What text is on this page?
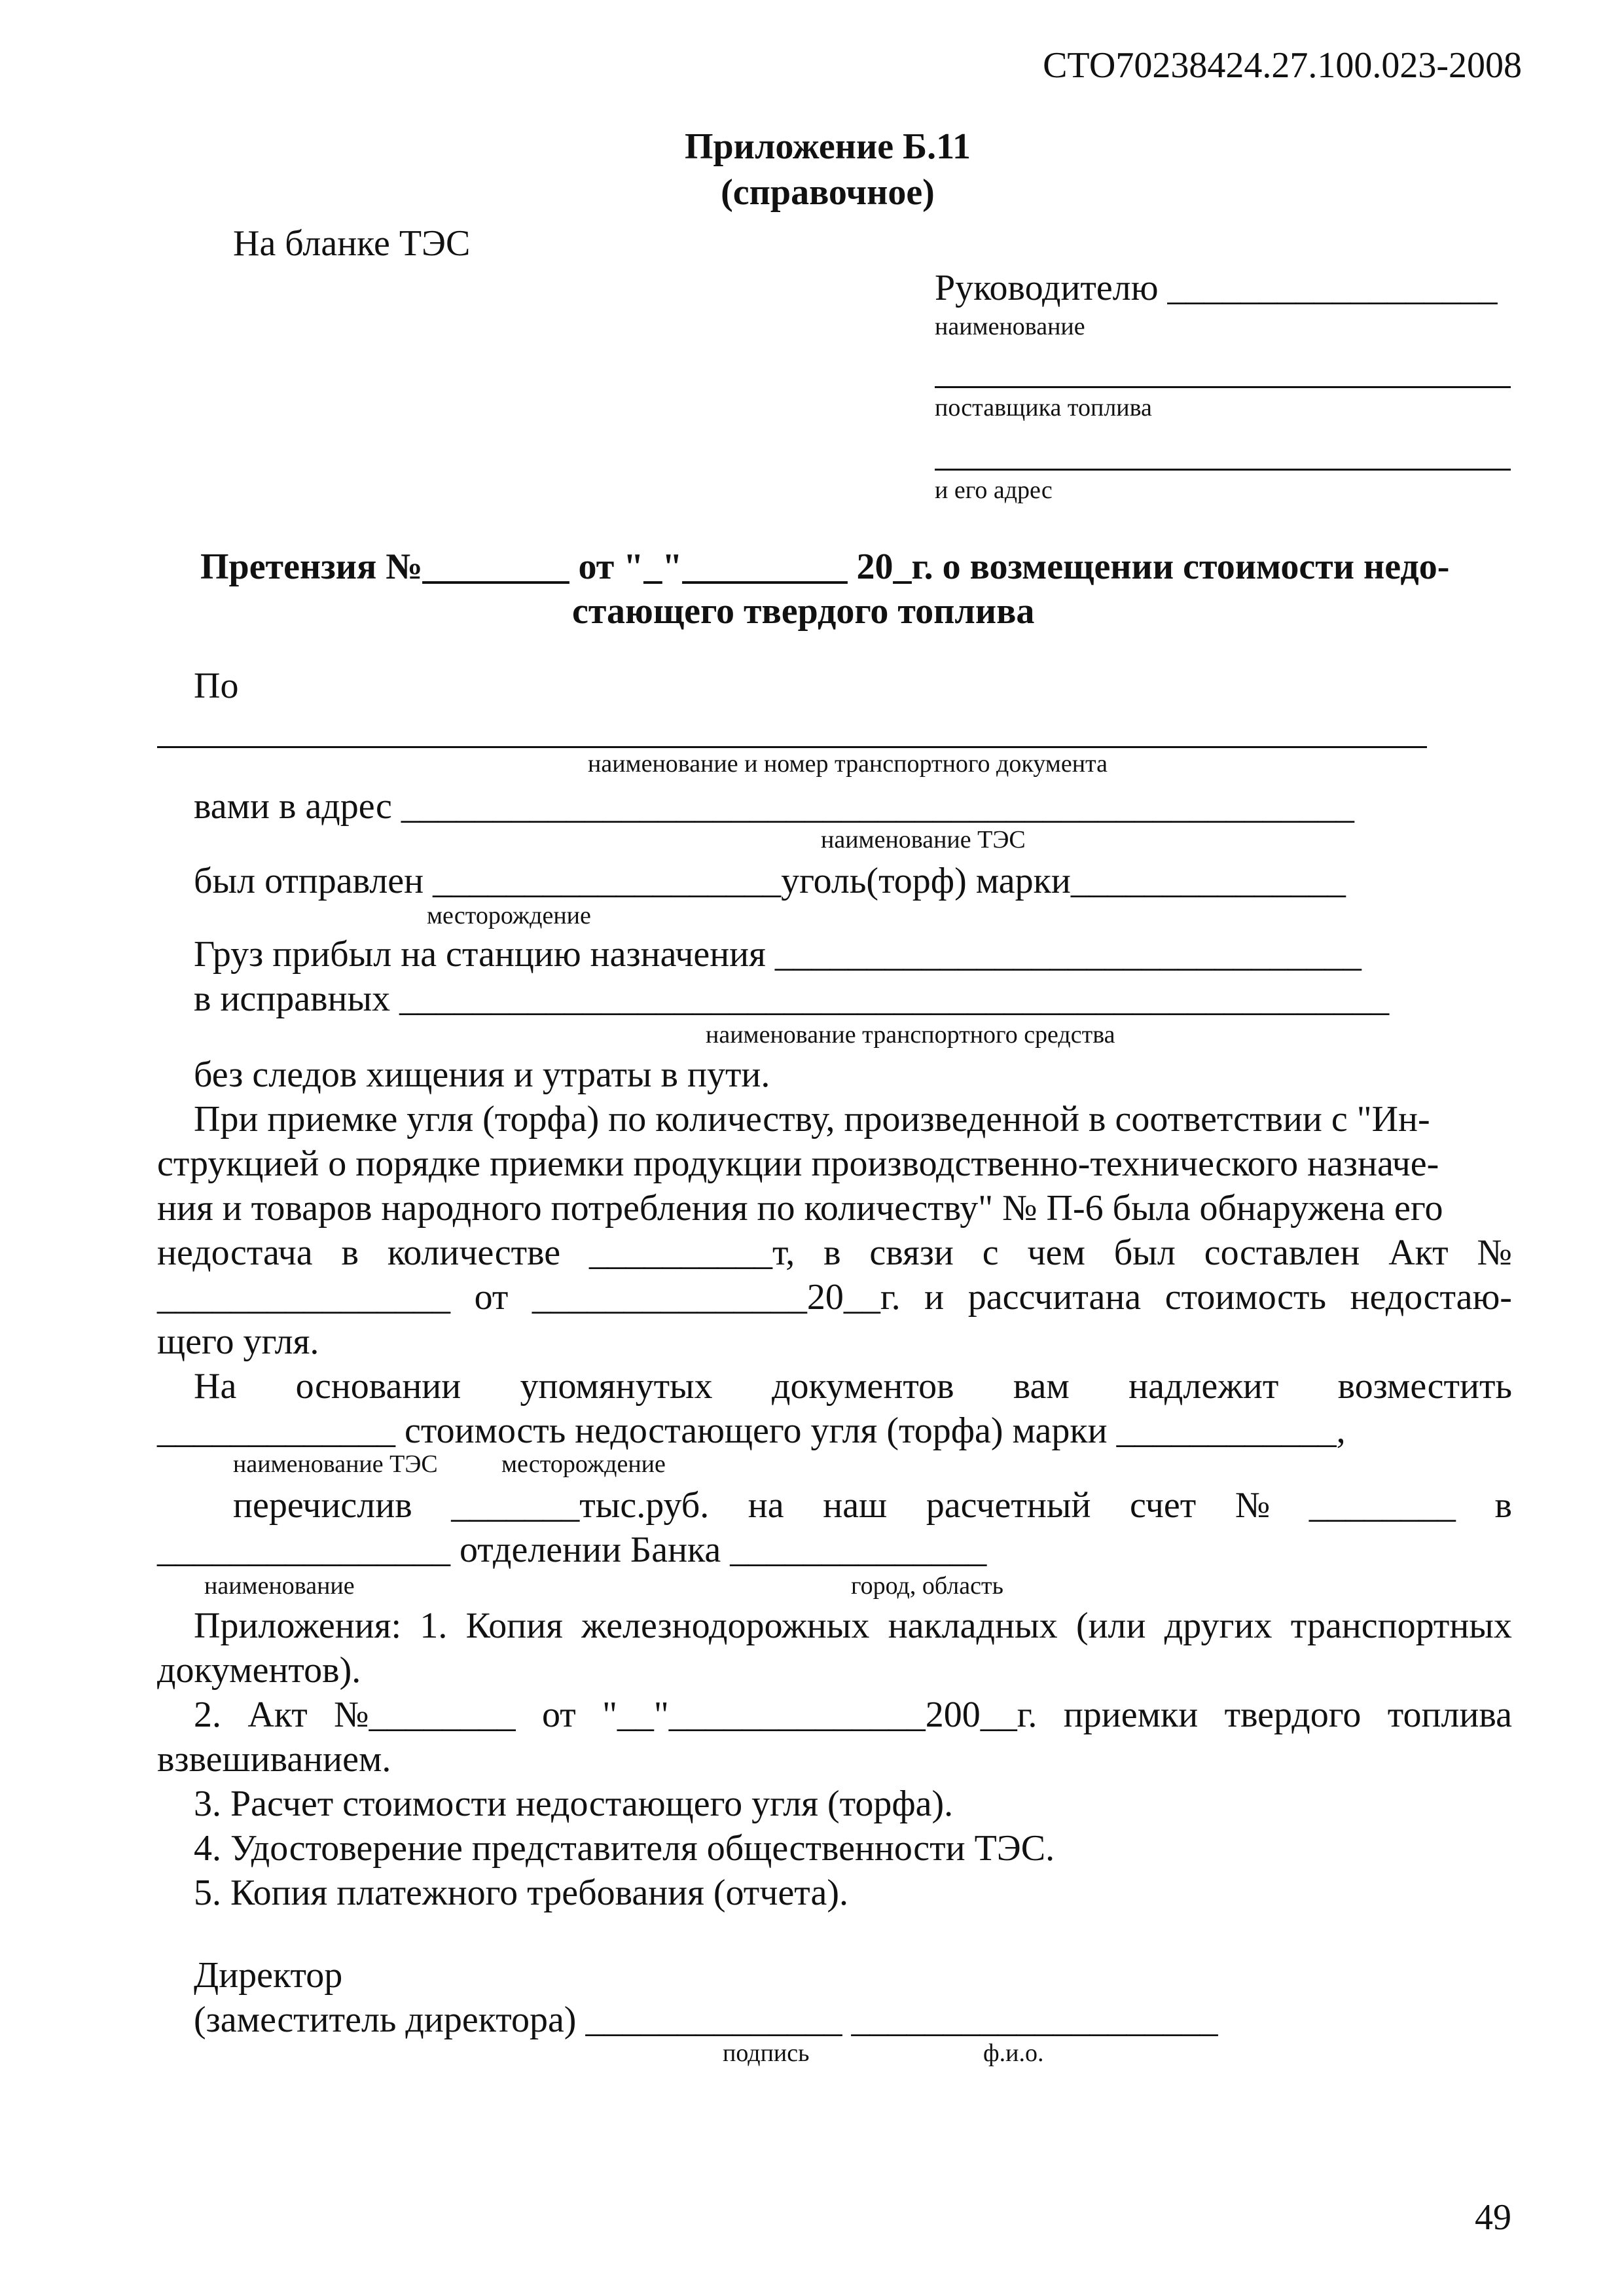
СТО70238424.27.100.023-2008
Приложение Б.11
(справочное)
На бланке ТЭС
Руководителю __________________
наименование
поставщика топлива
и его адрес
Претензия №________ от "_"_________ 20_г. о возмещении стоимости недо-
стающего твердого топлива
По
наименование и номер транспортного документа
вами в адрес ____________________________________________________
наименование ТЭС
был отправлен ___________________уголь(торф) марки_______________
месторождение
Груз прибыл на станцию назначения ________________________________
в исправных ______________________________________________________
наименование транспортного средства
без следов хищения и утраты в пути.
При приемке угля (торфа) по количеству, произведенной в соответствии с "Ин-
струкцией о порядке приемки продукции производственно-технического назначе-
ния и товаров народного потребления по количеству" № П-6 была обнаружена его
недостача в количестве __________т, в связи с чем был составлен Акт №
________________ от _______________20__г. и рассчитана стоимость недостаю-
щего угля.
На основании упомянутых документов вам надлежит возместить
_____________ стоимость недостающего угля (торфа) марки ____________,
наименование ТЭС	месторождение
перечислив _______тыс.руб. на наш расчетный счет № ________ в
________________ отделении Банка ______________
наименование	город, область
Приложения: 1. Копия железнодорожных накладных (или других транспортных
документов).
2. Акт №________ от "__"______________200__г. приемки твердого топлива
взвешиванием.
3. Расчет стоимости недостающего угля (торфа).
4. Удостоверение представителя общественности ТЭС.
5. Копия платежного требования (отчета).
Директор
(заместитель директора) ______________ ____________________
подпись	ф.и.о.
49
